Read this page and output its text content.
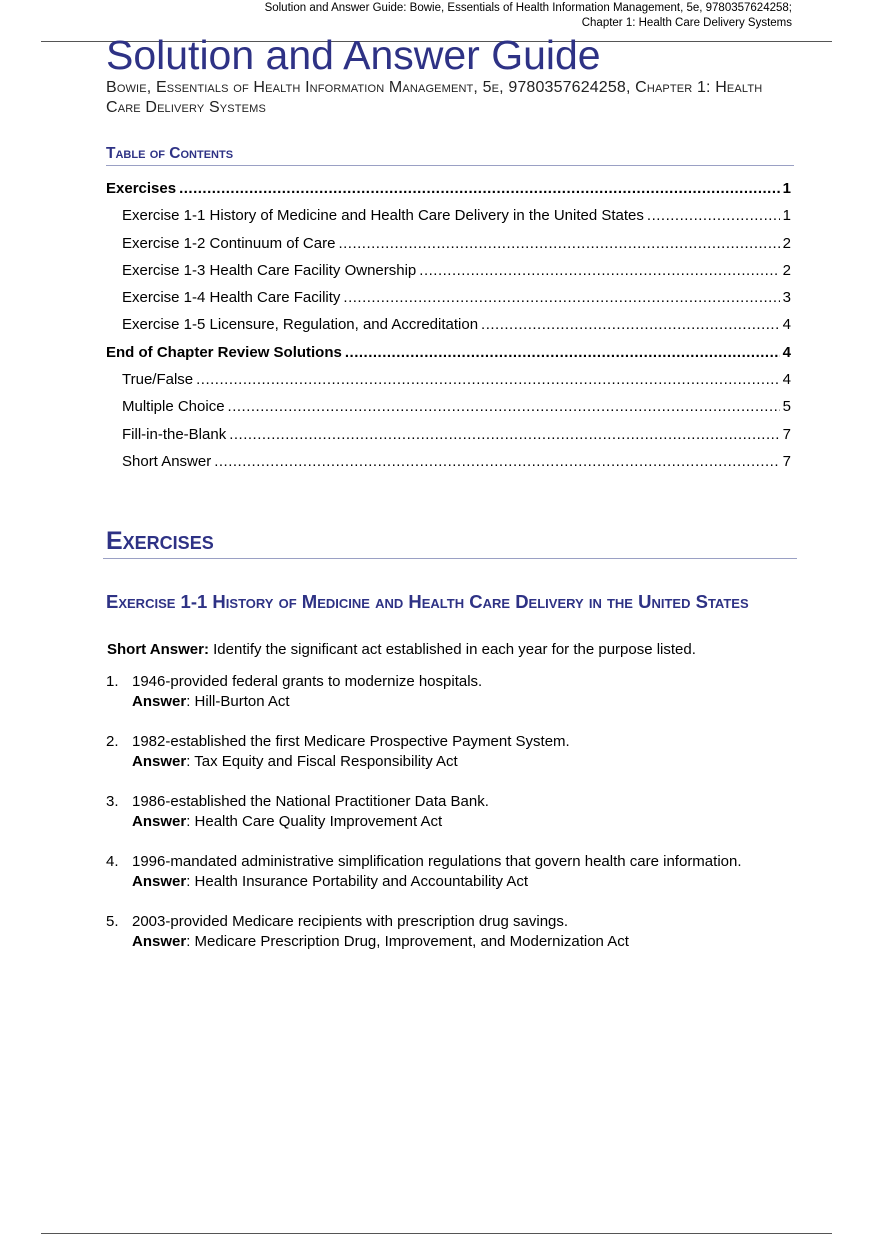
Solution and Answer Guide: Bowie, Essentials of Health Information Management, 5e, 9780357624258;
Chapter 1: Health Care Delivery Systems
Solution and Answer Guide

Bowie, Essentials of Health Information Management, 5e, 9780357624258, Chapter 1: Health Care Delivery Systems

Table of Contents
Exercises .....	1
Exercise 1-1 History of Medicine and Health Care Delivery in the United States .....	1
Exercise 1-2 Continuum of Care .....	2
Exercise 1-3 Health Care Facility Ownership .....	2
Exercise 1-4 Health Care Facility .....	3
Exercise 1-5 Licensure, Regulation, and Accreditation .....	4
End of Chapter Review Solutions .....	4
True/False .....	4
Multiple Choice .....	5
Fill-in-the-Blank .....	7
Short Answer .....	7
Exercises
Exercise 1-1 History of Medicine and Health Care Delivery in the United States
Short Answer: Identify the significant act established in each year for the purpose listed.
1. 1946-provided federal grants to modernize hospitals.
Answer: Hill-Burton Act
2. 1982-established the first Medicare Prospective Payment System.
Answer: Tax Equity and Fiscal Responsibility Act
3. 1986-established the National Practitioner Data Bank.
Answer: Health Care Quality Improvement Act
4. 1996-mandated administrative simplification regulations that govern health care information.
Answer: Health Insurance Portability and Accountability Act
5. 2003-provided Medicare recipients with prescription drug savings.
Answer: Medicare Prescription Drug, Improvement, and Modernization Act
